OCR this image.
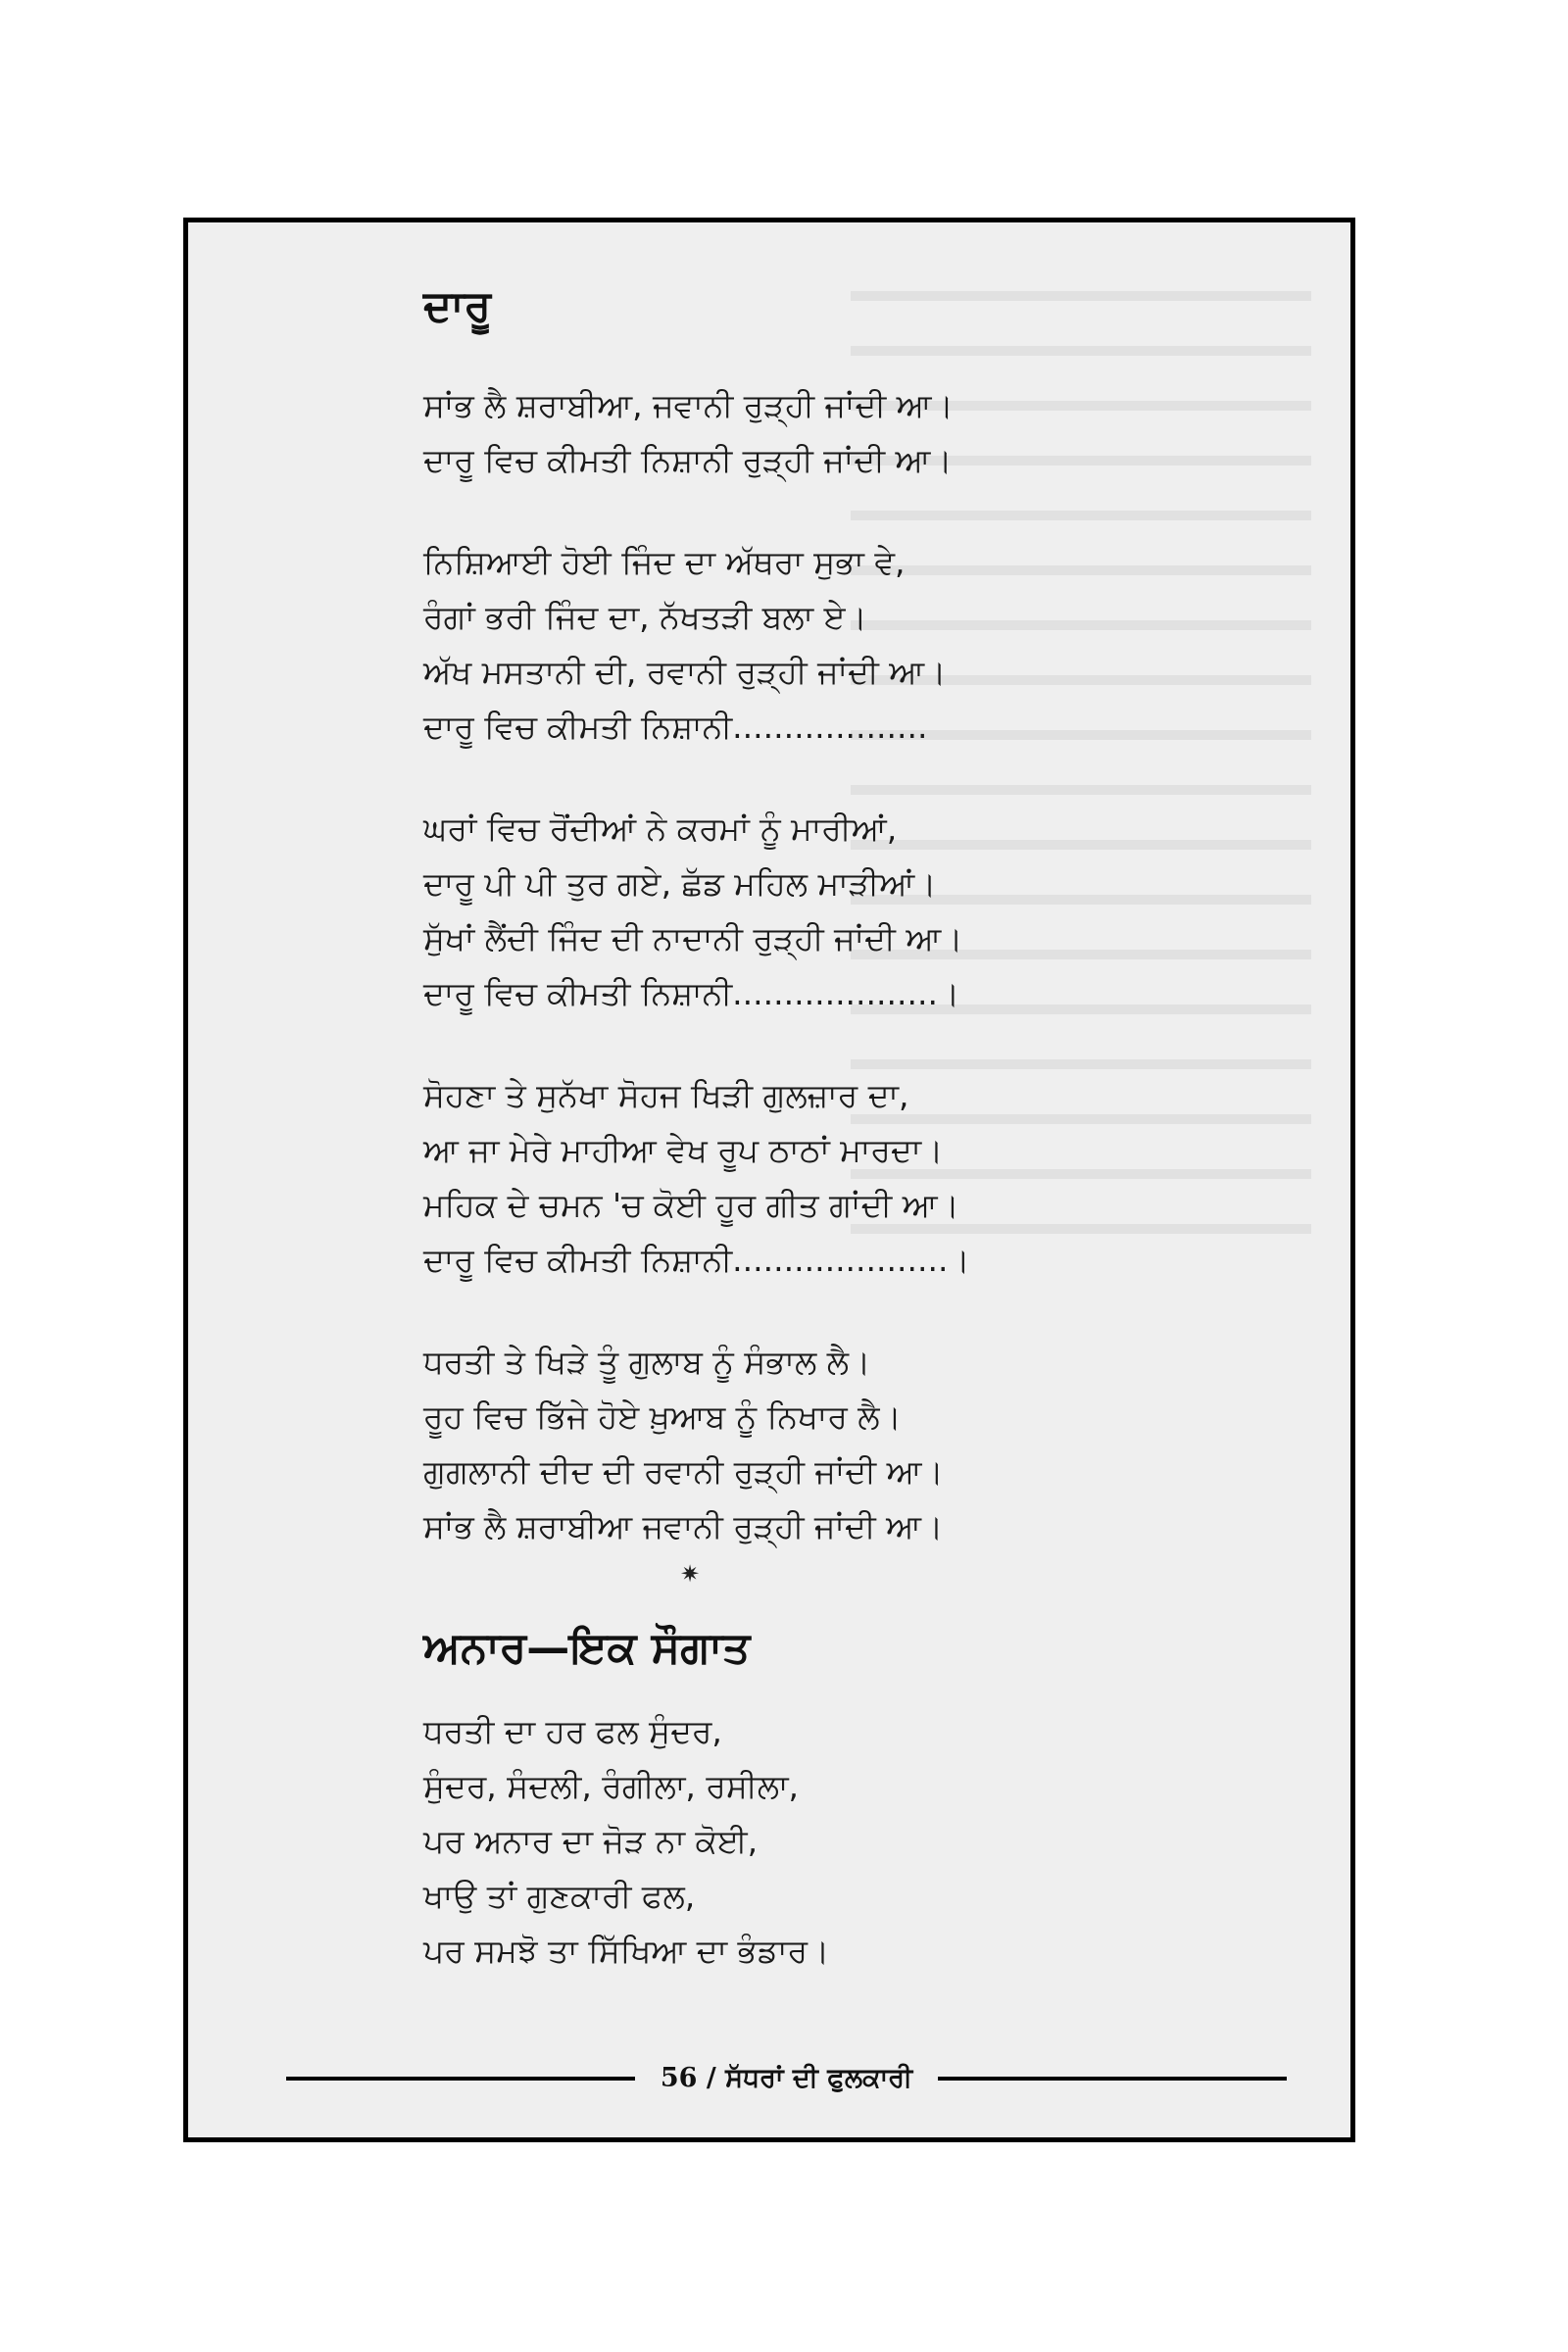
ਦਾਰੂ
ਸਾਂਭ ਲੈ ਸ਼ਰਾਬੀਆ, ਜਵਾਨੀ ਰੁੜ੍ਹੀ ਜਾਂਦੀ ਆ।
ਦਾਰੂ ਵਿਚ ਕੀਮਤੀ ਨਿਸ਼ਾਨੀ ਰੁੜ੍ਹੀ ਜਾਂਦੀ ਆ।
ਨਿਸ਼ਿਆਈ ਹੋਈ ਜਿੰਦ ਦਾ ਅੱਥਰਾ ਸੁਭਾ ਵੇ,
ਰੰਗਾਂ ਭਰੀ ਜਿੰਦ ਦਾ, ਨੱਖਤੜੀ ਬਲਾ ਏ।
ਅੱਖ ਮਸਤਾਨੀ ਦੀ, ਰਵਾਨੀ ਰੁੜ੍ਹੀ ਜਾਂਦੀ ਆ।
ਦਾਰੂ ਵਿਚ ਕੀਮਤੀ ਨਿਸ਼ਾਨੀ...................
ਘਰਾਂ ਵਿਚ ਰੋਂਦੀਆਂ ਨੇ ਕਰਮਾਂ ਨੂੰ ਮਾਰੀਆਂ,
ਦਾਰੂ ਪੀ ਪੀ ਤੁਰ ਗਏ, ਛੱਡ ਮਹਿਲ ਮਾੜੀਆਂ।
ਸੁੱਖਾਂ ਲੈਂਦੀ ਜਿੰਦ ਦੀ ਨਾਦਾਨੀ ਰੁੜ੍ਹੀ ਜਾਂਦੀ ਆ।
ਦਾਰੂ ਵਿਚ ਕੀਮਤੀ ਨਿਸ਼ਾਨੀ....................।
ਸੋਹਣਾ ਤੇ ਸੁਨੱਖਾ ਸੋਹਜ ਖਿੜੀ ਗੁਲਜ਼ਾਰ ਦਾ,
ਆ ਜਾ ਮੇਰੇ ਮਾਹੀਆ ਵੇਖ ਰੂਪ ਠਾਠਾਂ ਮਾਰਦਾ।
ਮਹਿਕ ਦੇ ਚਮਨ 'ਚ ਕੋਈ ਹੂਰ ਗੀਤ ਗਾਂਦੀ ਆ।
ਦਾਰੂ ਵਿਚ ਕੀਮਤੀ ਨਿਸ਼ਾਨੀ.....................।
ਧਰਤੀ ਤੇ ਖਿੜੇ ਤੂੰ ਗੁਲਾਬ ਨੂੰ ਸੰਭਾਲ ਲੈ।
ਰੂਹ ਵਿਚ ਭਿੱਜੇ ਹੋਏ ਖ਼ੁਆਬ ਨੂੰ ਨਿਖਾਰ ਲੈ।
ਗੁਗਲਾਨੀ ਦੀਦ ਦੀ ਰਵਾਨੀ ਰੁੜ੍ਹੀ ਜਾਂਦੀ ਆ।
ਸਾਂਭ ਲੈ ਸ਼ਰਾਬੀਆ ਜਵਾਨੀ ਰੁੜ੍ਹੀ ਜਾਂਦੀ ਆ।
✷
ਅਨਾਰ—ਇਕ ਸੌਗਾਤ
ਧਰਤੀ ਦਾ ਹਰ ਫਲ ਸੁੰਦਰ,
ਸੁੰਦਰ, ਸੰਦਲੀ, ਰੰਗੀਲਾ, ਰਸੀਲਾ,
ਪਰ ਅਨਾਰ ਦਾ ਜੋੜ ਨਾ ਕੋਈ,
ਖਾਉ ਤਾਂ ਗੁਣਕਾਰੀ ਫਲ,
ਪਰ ਸਮਝੋ ਤਾ ਸਿੱਖਿਆ ਦਾ ਭੰਡਾਰ।
56 / ਸੱਧਰਾਂ ਦੀ ਫੁਲਕਾਰੀ
